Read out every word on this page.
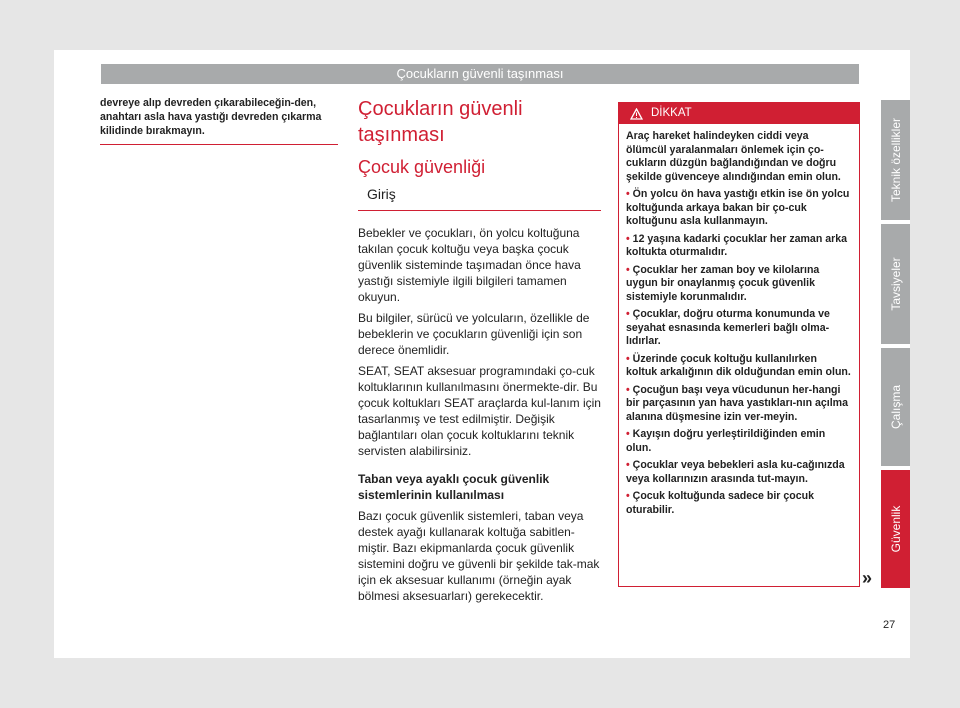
Çocukların güvenli taşınması

devreye alıp devreden çıkarabileceğin-den, anahtarı asla hava yastığı devreden çıkarma kilidinde bırakmayın.

Çocukların güvenli taşınması
Çocuk güvenliği
Giriş

Bebekler ve çocukları, ön yolcu koltuğuna takılan çocuk koltuğu veya başka çocuk güvenlik sisteminde taşımadan önce hava yastığı sistemiyle ilgili bilgileri tamamen okuyun.

Bu bilgiler, sürücü ve yolcuların, özellikle de bebeklerin ve çocukların güvenliği için son derece önemlidir.

SEAT, SEAT aksesuar programındaki ço-cuk koltuklarının kullanılmasını önermekte-dir. Bu çocuk koltukları SEAT araçlarda kul-lanım için tasarlanmış ve test edilmiştir. Değişik bağlantıları olan çocuk koltuklarını teknik servisten alabilirsiniz.

Taban veya ayaklı çocuk güvenlik sistemlerinin kullanılması

Bazı çocuk güvenlik sistemleri, taban veya destek ayağı kullanarak koltuğa sabitlen-miştir. Bazı ekipmanlarda çocuk güvenlik sistemini doğru ve güvenli bir şekilde tak-mak için ek aksesuar kullanımı (örneğin ayak bölmesi aksesuarları) gerekecektir.

DİKKAT

Araç hareket halindeyken ciddi veya ölümcül yaralanmaları önlemek için ço-cukların düzgün bağlandığından ve doğru şekilde güvenceye alındığından emin olun.

• Ön yolcu ön hava yastığı etkin ise ön yolcu koltuğunda arkaya bakan bir ço-cuk koltuğunu asla kullanmayın.

• 12 yaşına kadarki çocuklar her zaman arka koltukta oturmalıdır.

• Çocuklar her zaman boy ve kilolarına uygun bir onaylanmış çocuk güvenlik sistemiyle korunmalıdır.

• Çocuklar, doğru oturma konumunda ve seyahat esnasında kemerleri bağlı olma-lıdırlar.

• Üzerinde çocuk koltuğu kullanılırken koltuk arkalığının dik olduğundan emin olun.

• Çocuğun başı veya vücudunun her-hangi bir parçasının yan hava yastıkları-nın açılma alanına düşmesine izin ver-meyin.

• Kayışın doğru yerleştirildiğinden emin olun.

• Çocuklar veya bebekleri asla ku-cağınızda veya kollarınızın arasında tut-mayın.

• Çocuk koltuğunda sadece bir çocuk oturabilir.

»
Teknik özellikler
Tavsiyeler
Çalışma
Güvenlik
27
